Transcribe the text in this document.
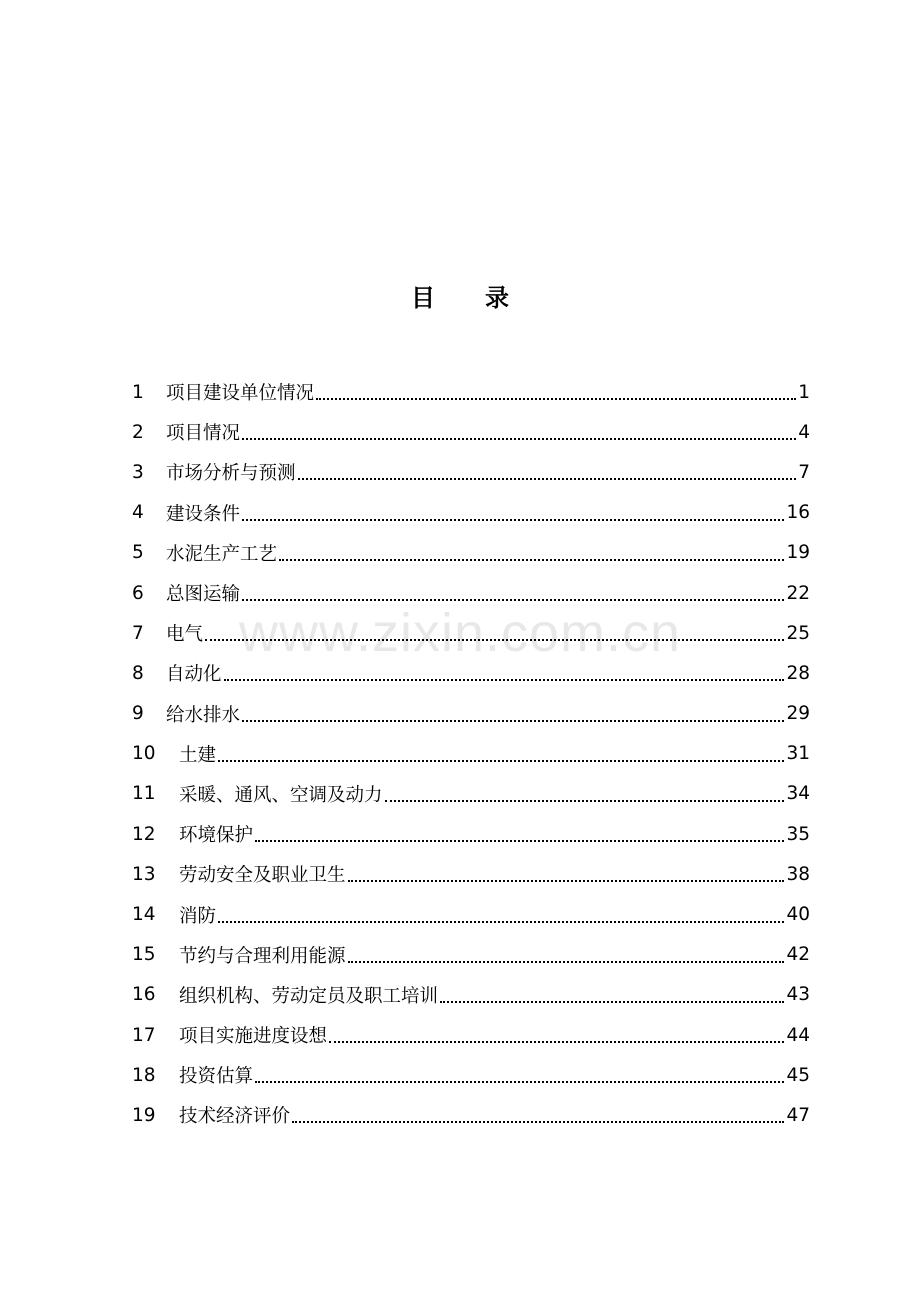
目 录
1	项目建设单位情况	1
2	项目情况	4
3	市场分析与预测	7
4	建设条件	16
5	水泥生产工艺	19
6	总图运输	22
7	电气	25
8	自动化	28
9	给水排水	29
10	土建	31
11	采暖、通风、空调及动力	34
12	环境保护	35
13	劳动安全及职业卫生	38
14	消防	40
15	节约与合理利用能源	42
16	组织机构、劳动定员及职工培训	43
17	项目实施进度设想	44
18	投资估算	45
19	技术经济评价	47
www.zixin.com.cn
